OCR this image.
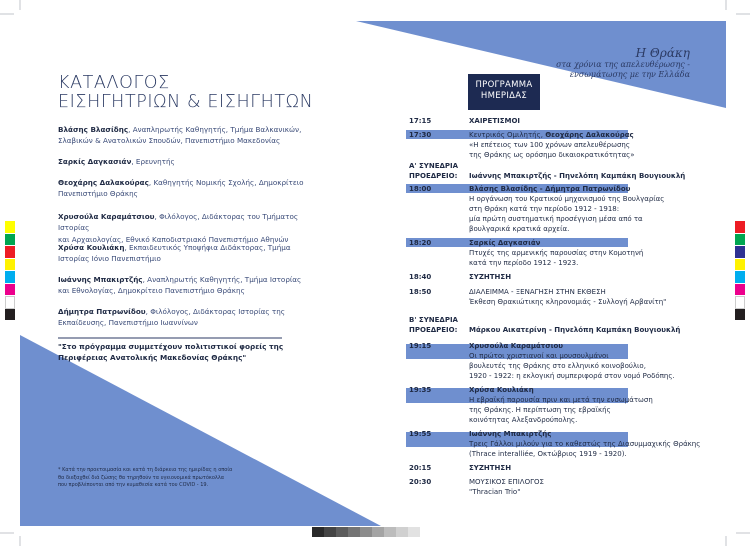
ΚΑΤΑΛΟΓΟΣ
ΕΙΣΗΓΗΤΡΙΩΝ & ΕΙΣΗΓΗΤΩΝ
Βλάσης Βλασίδης, Αναπληρωτής Καθηγητής, Τμήμα Βαλκανικών,
Σλαβικών & Ανατολικών Σπουδών, Πανεπιστήμιο Μακεδονίας
Σαρκίς Δαγκασιάν, Ερευνητής
Θεοχάρης Δαλακούρας, Καθηγητής Νομικής Σχολής, Δημοκρίτειο
Πανεπιστήμιο Θράκης
Χρυσούλα Καραμάτσιου, Φιλόλογος, Διδάκτορας του Τμήματος Ιστορίας
και Αρχαιολογίας, Εθνικό Καποδιστριακό Πανεπιστήμιο Αθηνών
Χρύσα Κουλιάκη, Εκπαιδευτικός Υποψήφια Διδάκτορας, Τμήμα
Ιστορίας Ιόνιο Πανεπιστήμιο
Ιωάννης Μπακιρτζής, Αναπληρωτής Καθηγητής, Τμήμα Ιστορίας
και Εθνολογίας, Δημοκρίτειο Πανεπιστήμιο Θράκης
Δήμητρα Πατρωνίδου, Φιλόλογος, Διδάκτορας Ιστορίας της
Εκπαίδευσης, Πανεπιστήμιο Ιωαννίνων
"Στο πρόγραμμα συμμετέχουν πολιτιστικοί φορείς της
Περιφέρειας Ανατολικής Μακεδονίας Θράκης"
* Κατά την προετοιμασία και κατά τη διάρκεια της ημερίδας η οποία
θα διεξαχθεί διά ζώσης θα τηρηθούν τα υγειονομικά πρωτόκολλα
που προβλέπονται από την κυμαθεσία κατά του COVID - 19.
Η Θράκη
στα χρόνια της απελευθέρωσης -
ενσωμάτωσης με την Ελλάδα
ΠΡΟΓΡΑΜΜΑ
ΗΜΕΡΙΔΑΣ
17:15	ΧΑΙΡΕΤΙΣΜΟΙ
17:30	Κεντρικός Ομιλητής, Θεοχάρης Δαλακούρας
«Η επέτειος των 100 χρόνων απελευθέρωσης
της Θράκης ως ορόσημο δικαιοκρατικότητας»
Α' ΣΥΝΕΔΡΙΑ
ΠΡΟΕΔΡΕΙΟ: Ιωάννης Μπακιρτζής - Πηνελόπη Καμπάκη Βουγιουκλή
18:00	Βλάσης Βλασίδης - Δήμητρα Πατρωνίδου
Η οργάνωση του Κρατικού μηχανισμού της Βουλγαρίας
στη Θράκη κατά την περίοδο 1912 - 1918:
μία πρώτη συστηματική προσέγγιση μέσα από τα
βουλγαρικά κρατικά αρχεία.
18:20	Σαρκίς Δαγκασιάν
Πτυχές της αρμενικής παρουσίας στην Κομοτηνή
κατά την περίοδο 1912 - 1923.
18:40	ΣΥΖΗΤΗΣΗ
18:50	ΔΙΑΛΕΙΜΜΑ - ΞΕΝΑΓΗΣΗ ΣΤΗΝ ΕΚΘΕΣΗ
Έκθεση Θρακιώτικης κληρονομιάς - Συλλογή Αρβανίτη"
Β' ΣΥΝΕΔΡΙΑ
ΠΡΟΕΔΡΕΙΟ: Μάρκου Αικατερίνη - Πηνελόπη Καμπάκη Βουγιουκλή
19:15	Χρυσούλα Καραμάτσιου
Οι πρώτοι χριστιανοί και μουσουλμάνοι
βουλευτές της Θράκης στο ελληνικό κοινοβούλιο,
1920 - 1922: η εκλογική συμπεριφορά στον νομό Ροδόπης.
19:35	Χρύσα Κουλιάκη
Η εβραϊκή παρουσία πριν και μετά την ενσωμάτωση
της Θράκης. Η περίπτωση της εβραϊκής
κοινότητας Αλεξανδρούπολης.
19:55	Ιωάννης Μπακιρτζής
Τρεις Γάλλοι μιλούν για το καθεστώς της Διασυμμαχικής Θράκης
(Thrace interalliée, Οκτώβριος 1919 - 1920).
20:15	ΣΥΖΗΤΗΣΗ
20:30	ΜΟΥΣΙΚΟΣ ΕΠΙΛΟΓΟΣ
"Thracian Trio"
